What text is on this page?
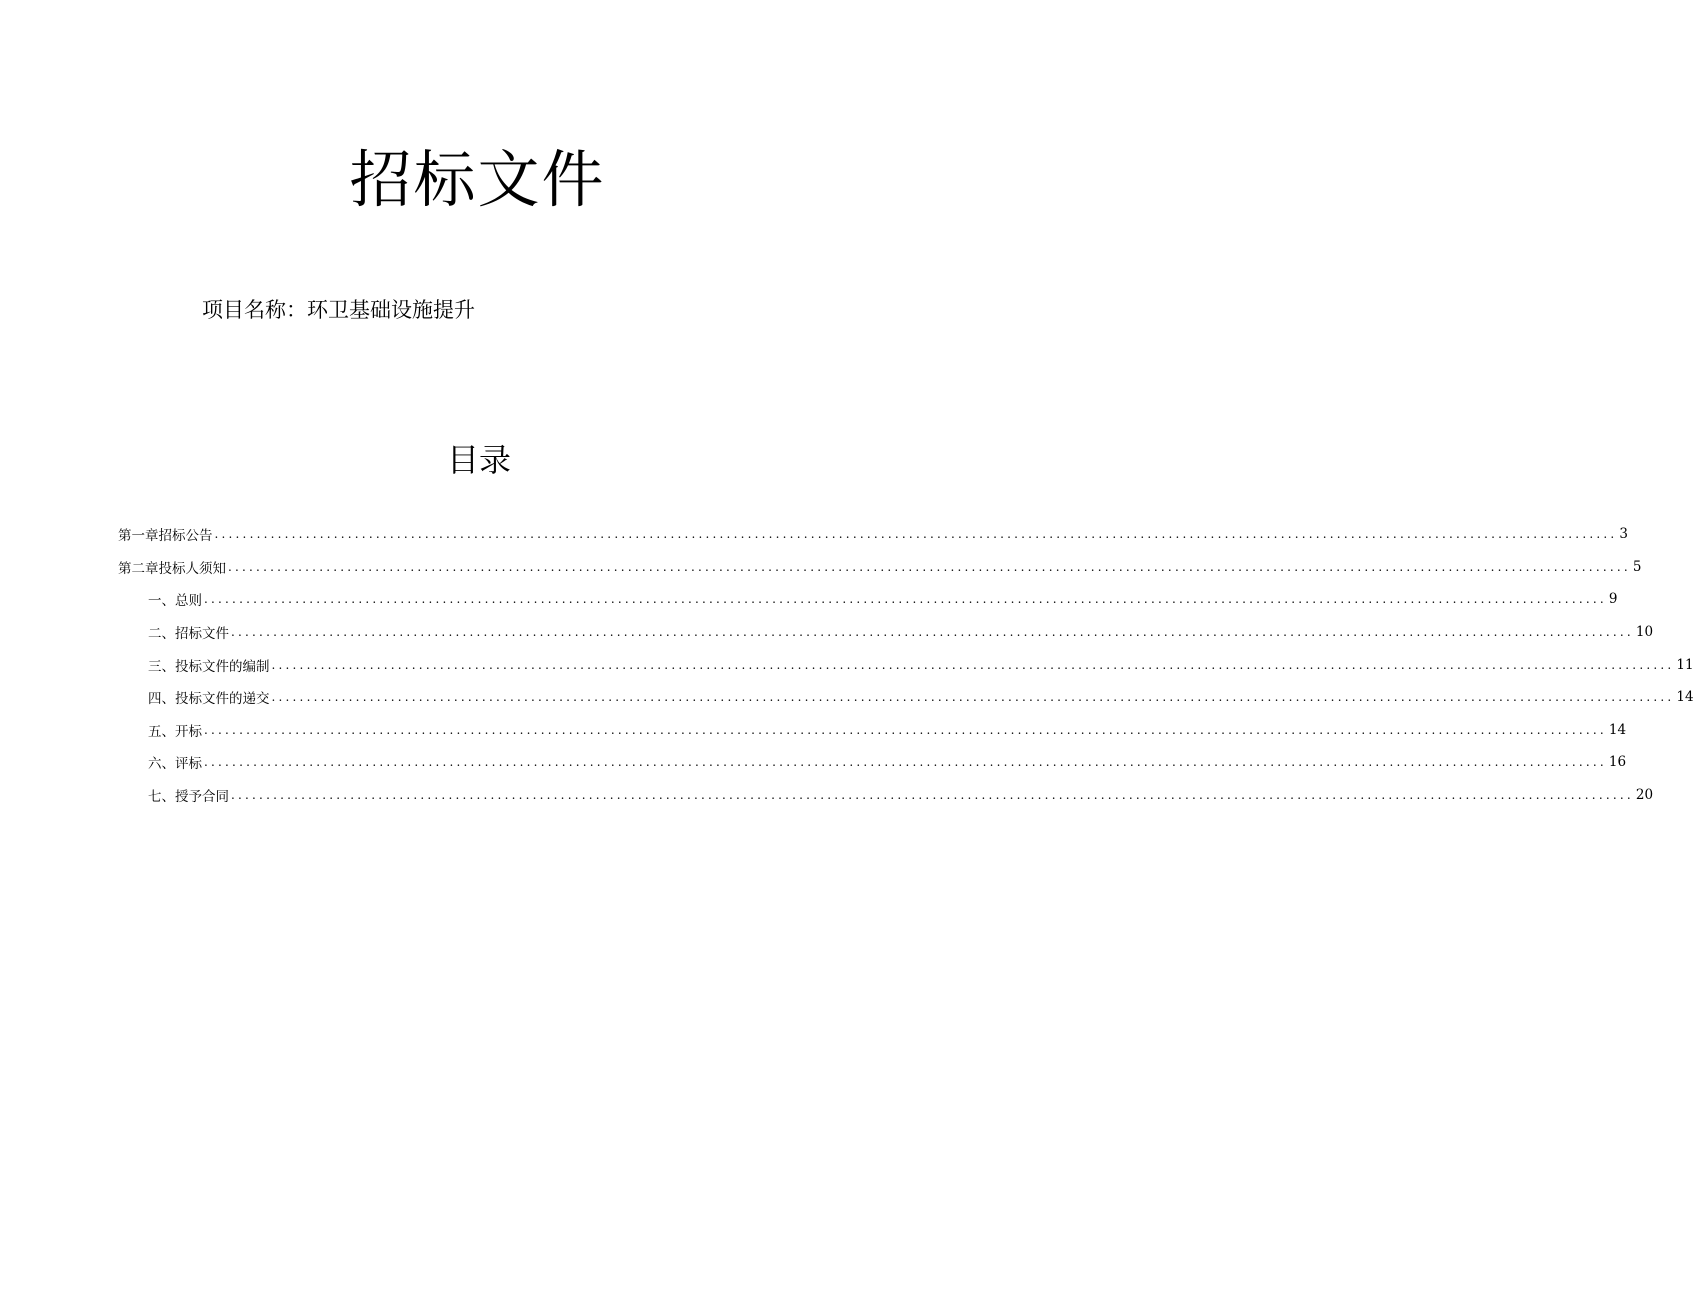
招标文件
项目名称：环卫基础设施提升
目录
第一章招标公告 ........................................................................................................................................................................................................ 3
第二章投标人须知 ........................................................................................................................................................................................................ 5
一、总则 ........................................................................................................................................................................................................ 9
二、招标文件 ........................................................................................................................................................................................................ 10
三、投标文件的编制 ........................................................................................................................................................................................................ 11
四、投标文件的递交 ........................................................................................................................................................................................................ 14
五、开标 ........................................................................................................................................................................................................ 14
六、评标 ........................................................................................................................................................................................................ 16
七、授予合同 ........................................................................................................................................................................................................ 20
